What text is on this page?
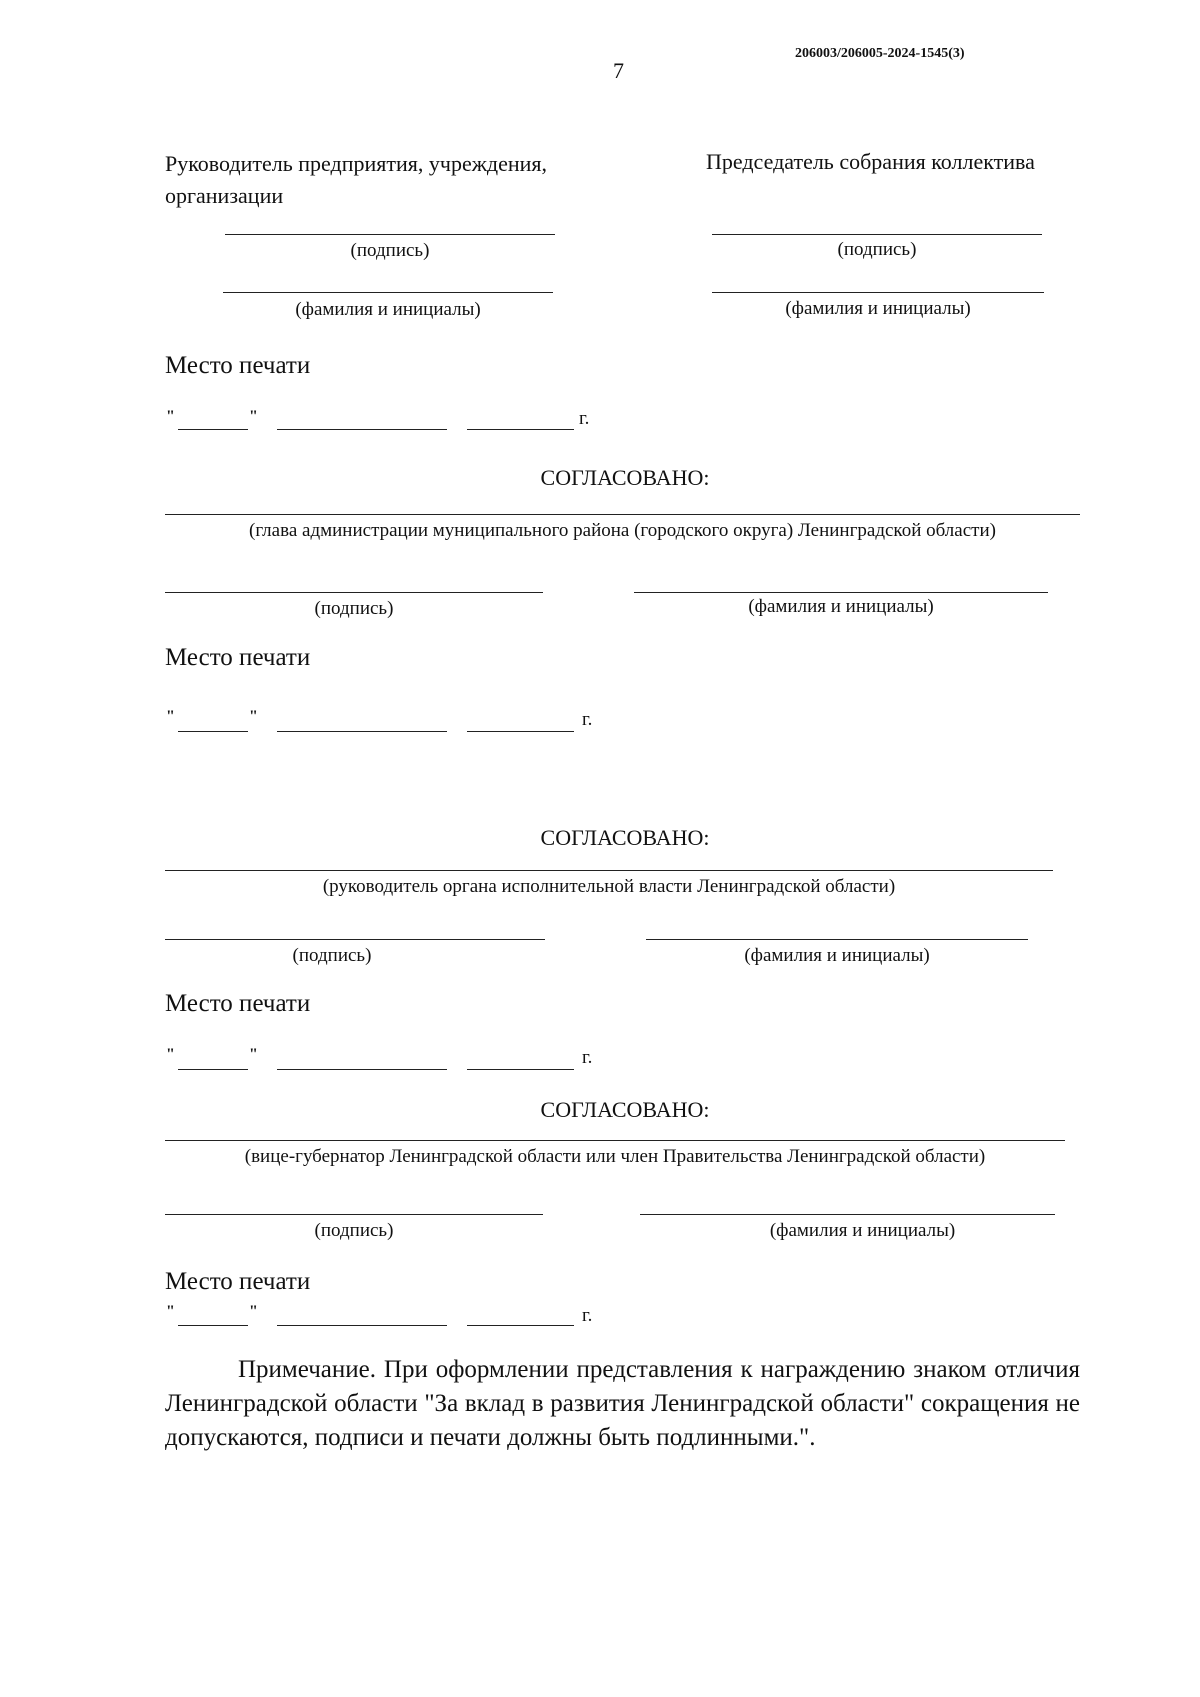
206003/206005-2024-1545(3)
7
Руководитель предприятия, учреждения,
организации
Председатель собрания коллектива
(подпись)	(подпись)
(фамилия и инициалы)	(фамилия и инициалы)
Место печати
"	"	г.
СОГЛАСОВАНО:
(глава администрации муниципального района (городского округа) Ленинградской области)
(подпись)	(фамилия и инициалы)
Место печати
"	"	г.
СОГЛАСОВАНО:
(руководитель органа исполнительной власти Ленинградской области)
(подпись)	(фамилия и инициалы)
Место печати
"	"	г.
СОГЛАСОВАНО:
(вице-губернатор Ленинградской области или член Правительства Ленинградской области)
(подпись)	(фамилия и инициалы)
Место печати
"	"	г.
Примечание. При оформлении представления к награждению знаком отличия Ленинградской области "За вклад в развития Ленинградской области" сокращения не допускаются, подписи и печати должны быть подлинными.".
